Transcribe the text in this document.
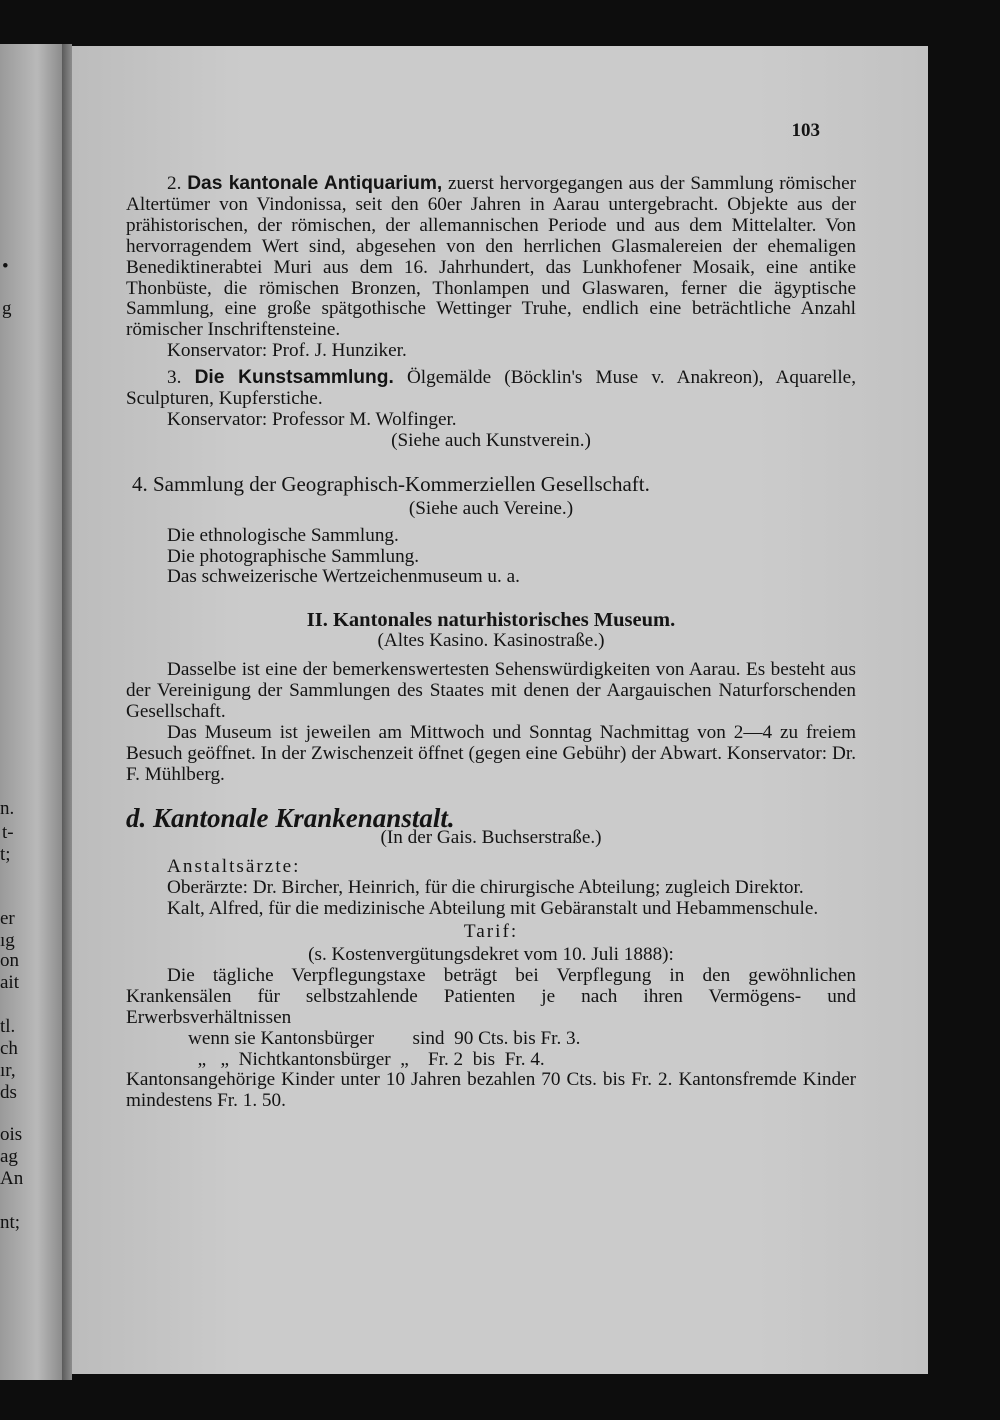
•
g
n.
t-
t;
er
ıg
on
ait
tl.
ch
ır,
ds
ois
ag
An
nt;
103

2. Das kantonale Antiquarium, zuerst hervorgegangen aus der Sammlung römischer Altertümer von Vindonissa, seit den 60er Jahren in Aarau untergebracht. Objekte aus der prähistorischen, der römischen, der allemannischen Periode und aus dem Mittelalter. Von hervorragendem Wert sind, abgesehen von den herrlichen Glasmalereien der ehemaligen Benediktinerabtei Muri aus dem 16. Jahrhundert, das Lunkhofener Mosaik, eine antike Thonbüste, die römischen Bronzen, Thonlampen und Glaswaren, ferner die ägyptische Sammlung, eine große spätgothische Wettinger Truhe, endlich eine beträchtliche Anzahl römischer Inschriftensteine.

Konservator: Prof. J. Hunziker.

3. Die Kunstsammlung. Ölgemälde (Böcklin's Muse v. Anakreon), Aquarelle, Sculpturen, Kupferstiche.

Konservator: Professor M. Wolfinger.

(Siehe auch Kunstverein.)

4. Sammlung der Geographisch-Kommerziellen Gesellschaft.

(Siehe auch Vereine.)

Die ethnologische Sammlung.

Die photographische Sammlung.

Das schweizerische Wertzeichenmuseum u. a.

II. Kantonales naturhistorisches Museum.

(Altes Kasino. Kasinostraße.)

Dasselbe ist eine der bemerkenswertesten Sehenswürdigkeiten von Aarau. Es besteht aus der Vereinigung der Sammlungen des Staates mit denen der Aargauischen Naturforschenden Gesellschaft.

Das Museum ist jeweilen am Mittwoch und Sonntag Nachmittag von 2—4 zu freiem Besuch geöffnet. In der Zwischenzeit öffnet (gegen eine Gebühr) der Abwart. Konservator: Dr. F. Mühlberg.

d. Kantonale Krankenanstalt.

(In der Gais. Buchserstraße.)

Anstaltsärzte:

Oberärzte: Dr. Bircher, Heinrich, für die chirurgische Abteilung; zugleich Direktor.

Kalt, Alfred, für die medizinische Abteilung mit Gebäranstalt und Hebammenschule.

Tarif:

(s. Kostenvergütungsdekret vom 10. Juli 1888):

Die tägliche Verpflegungstaxe beträgt bei Verpflegung in den gewöhnlichen Krankensälen für selbstzahlende Patienten je nach ihren Vermögens- und Erwerbsverhältnissen

wenn sie Kantonsbürger        sind  90 Cts. bis Fr. 3.

„   „  Nichtkantonsbürger  „    Fr. 2  bis  Fr. 4.

Kantonsangehörige Kinder unter 10 Jahren bezahlen 70 Cts. bis Fr. 2. Kantonsfremde Kinder mindestens Fr. 1. 50.
